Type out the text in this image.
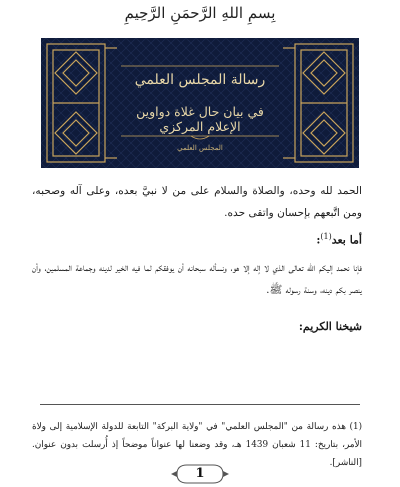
بِسمِ اللهِ الرَّحمَنِ الرَّحِيمِ
رسالة المجلس العلمي
في بيان حال غلاة دواوين الإعلام المركزي
المجلس العلمي
الحمد لله وحده، والصلاة والسلام على من لا نبيَّ بعده، وعلى آله وصحبه، ومن اتَّبعهم بإحسان واتقى حده.
أما بعد$^{(1)}$:
فإنا نحمد إليكم الله تعالى الذي لا إله إلا هو، ونسأله سبحانه أن يوفقكم لما فيه الخير لدينه وجماعة المسلمين، وأن ينصر بكم دينه، وسنة رسوله ﷺ.
شيخنا الكريم:
(1) هذه رسالة من "المجلس العلمي" في "ولاية البركة" التابعة للدولة الإسلامية إلى ولاة الأمر، بتاريخ: 11 شعبان 1439 هـ، وقد وضعنا لها عنواناً موضحاً إذ أُرسلت بدون عنوان. [الناشر].
1
